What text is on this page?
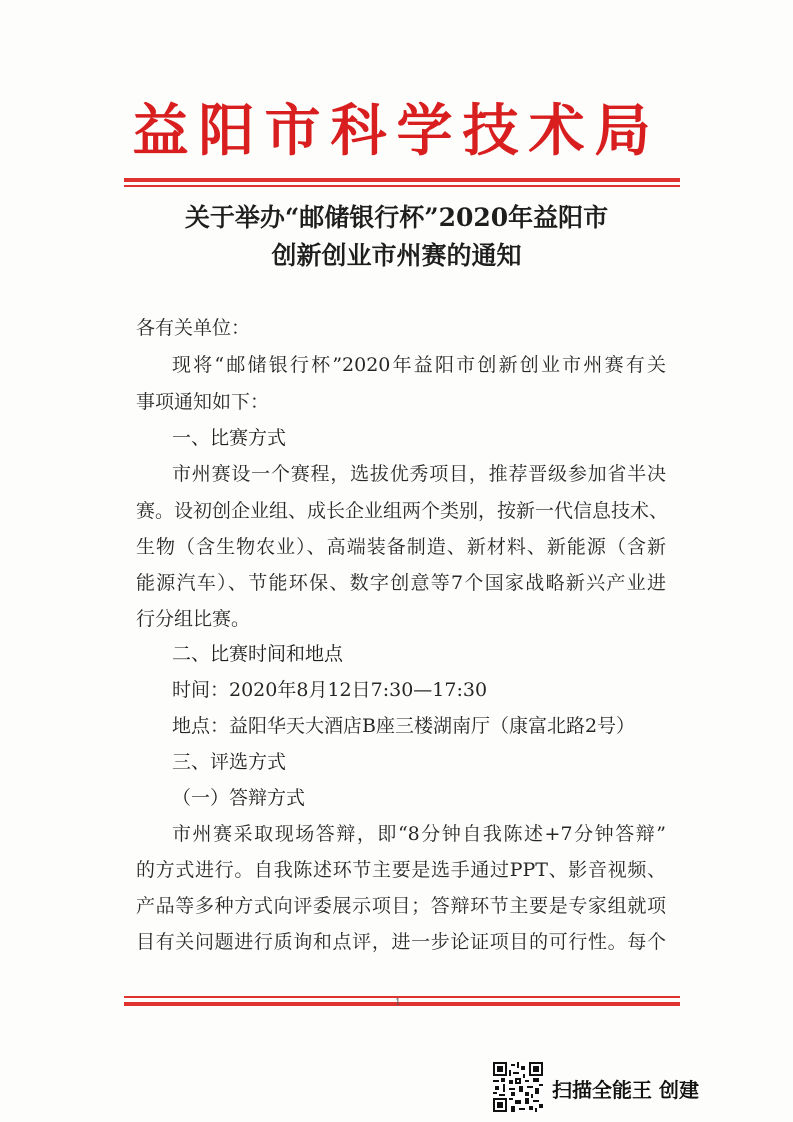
益阳市科学技术局
关于举办“邮储银行杯”2020年益阳市
创新创业市州赛的通知
各有关单位：
现将“邮储银行杯”2020年益阳市创新创业市州赛有关
事项通知如下：
一、比赛方式
市州赛设一个赛程，选拔优秀项目，推荐晋级参加省半决
赛。设初创企业组、成长企业组两个类别，按新一代信息技术、
生物（含生物农业）、高端装备制造、新材料、新能源（含新
能源汽车）、节能环保、数字创意等7个国家战略新兴产业进
行分组比赛。
二、比赛时间和地点
时间：2020年8月12日7:30—17:30
地点：益阳华天大酒店B座三楼湖南厅（康富北路2号）
三、评选方式
（一）答辩方式
市州赛采取现场答辩，即“8分钟自我陈述+7分钟答辩”
的方式进行。自我陈述环节主要是选手通过PPT、影音视频、
产品等多种方式向评委展示项目；答辩环节主要是专家组就项
目有关问题进行质询和点评，进一步论证项目的可行性。每个
1
扫描全能王 创建
